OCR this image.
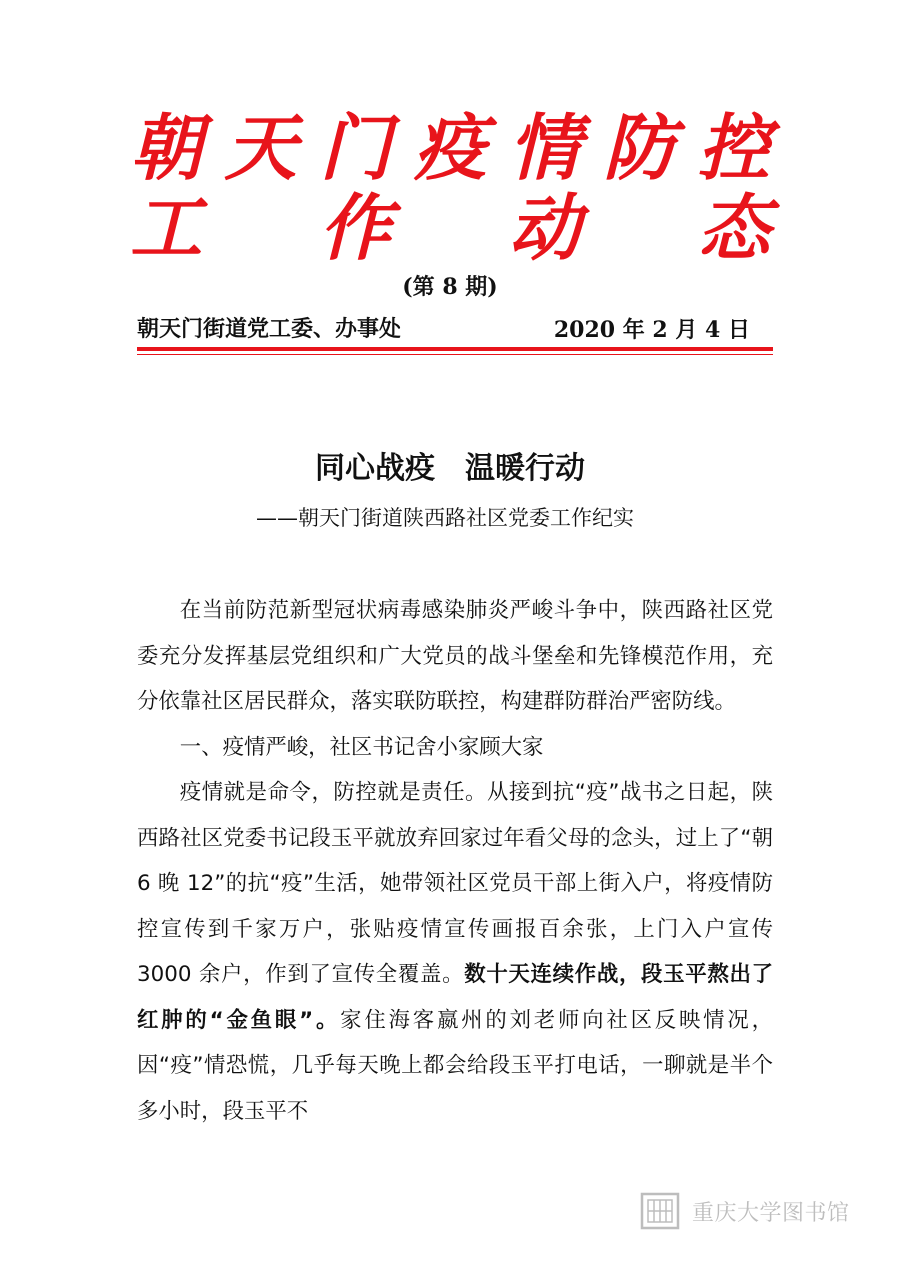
朝 天 门 疫 情 防 控
工 作 动 态
(第 8 期)
朝天门街道党工委、办事处	2020 年 2 月 4 日
同心战疫　温暖行动
——朝天门街道陕西路社区党委工作纪实

在当前防范新型冠状病毒感染肺炎严峻斗争中，陕西路社区党委充分发挥基层党组织和广大党员的战斗堡垒和先锋模范作用，充分依靠社区居民群众，落实联防联控，构建群防群治严密防线。

一、疫情严峻，社区书记舍小家顾大家

疫情就是命令，防控就是责任。从接到抗“疫”战书之日起，陕西路社区党委书记段玉平就放弃回家过年看父母的念头，过上了“朝 6 晚 12”的抗“疫”生活，她带领社区党员干部上街入户，将疫情防控宣传到千家万户，张贴疫情宣传画报百余张，上门入户宣传 3000 余户，作到了宣传全覆盖。数十天连续作战，段玉平熬出了红肿的“金鱼眼”。家住海客嬴州的刘老师向社区反映情况，因“疫”情恐慌，几乎每天晚上都会给段玉平打电话，一聊就是半个多小时，段玉平不

重庆大学图书馆
